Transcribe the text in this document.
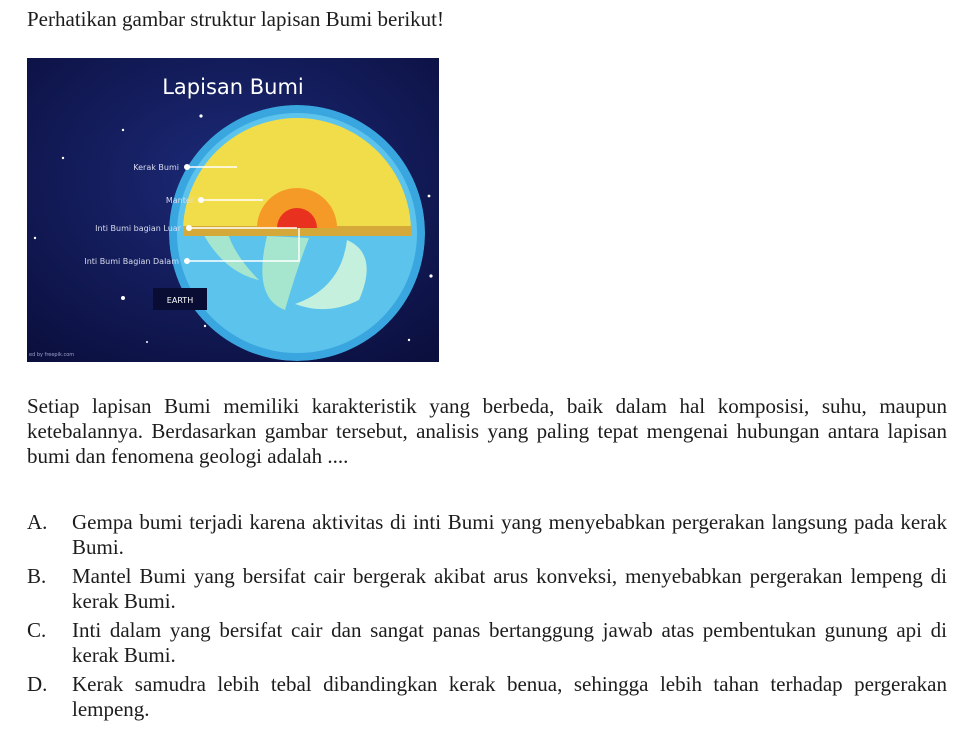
Perhatikan gambar struktur lapisan Bumi berikut!

Lapisan Bumi
Kerak Bumi
Mantel
Inti Bumi bagian Luar
Inti Bumi Bagian Dalam
EARTH
ed by freepik.com

Setiap lapisan Bumi memiliki karakteristik yang berbeda, baik dalam hal komposisi, suhu, maupun ketebalannya. Berdasarkan gambar tersebut, analisis yang paling tepat mengenai hubungan antara lapisan bumi dan fenomena geologi adalah ....

A.	Gempa bumi terjadi karena aktivitas di inti Bumi yang menyebabkan pergerakan langsung pada kerak Bumi.
B.	Mantel Bumi yang bersifat cair bergerak akibat arus konveksi, menyebabkan pergerakan lempeng di kerak Bumi.
C.	Inti dalam yang bersifat cair dan sangat panas bertanggung jawab atas pembentukan gunung api di kerak Bumi.
D.	Kerak samudra lebih tebal dibandingkan kerak benua, sehingga lebih tahan terhadap pergerakan lempeng.
